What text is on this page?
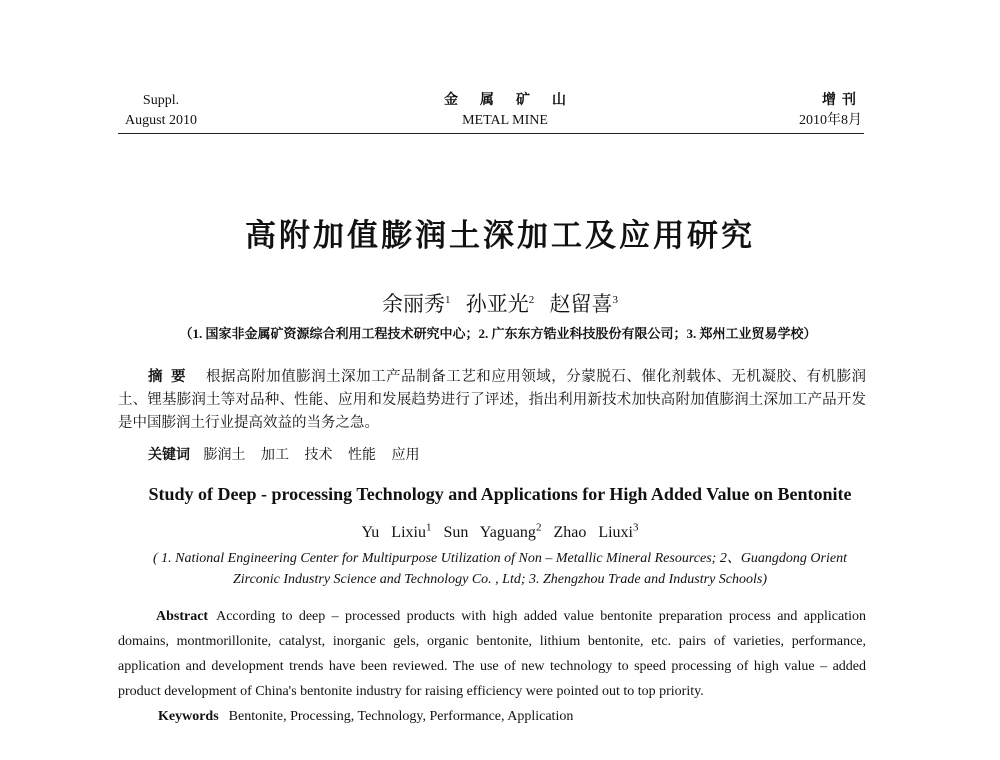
Suppl.
August 2010
金属矿山
METAL MINE
增刊
2010年8月
高附加值膨润土深加工及应用研究
余丽秀$^1$ 孙亚光$^2$ 赵留喜$^3$
（1. 国家非金属矿资源综合利用工程技术研究中心；2. 广东东方锆业科技股份有限公司；3. 郑州工业贸易学校）
摘要 根据高附加值膨润土深加工产品制备工艺和应用领域，分蒙脱石、催化剂载体、无机凝胶、有机膨润土、锂基膨润土等对品种、性能、应用和发展趋势进行了评述，指出利用新技术加快高附加值膨润土深加工产品开发是中国膨润土行业提高效益的当务之急。
关键词 膨润土 加工 技术 性能 应用
Study of Deep - processing Technology and Applications for High Added Value on Bentonite
Yu Lixiu$^1$ Sun Yaguang$^2$ Zhao Liuxi$^3$
( 1. National Engineering Center for Multipurpose Utilization of Non – Metallic Mineral Resources; 2、Guangdong Orient Zirconic Industry Science and Technology Co. , Ltd; 3. Zhengzhou Trade and Industry Schools)
Abstract According to deep – processed products with high added value bentonite preparation process and application domains, montmorillonite, catalyst, inorganic gels, organic bentonite, lithium bentonite, etc. pairs of varieties, performance, application and development trends have been reviewed. The use of new technology to speed processing of high value – added product development of China's bentonite industry for raising efficiency were pointed out to top priority.
Keywords Bentonite, Processing, Technology, Performance, Application
